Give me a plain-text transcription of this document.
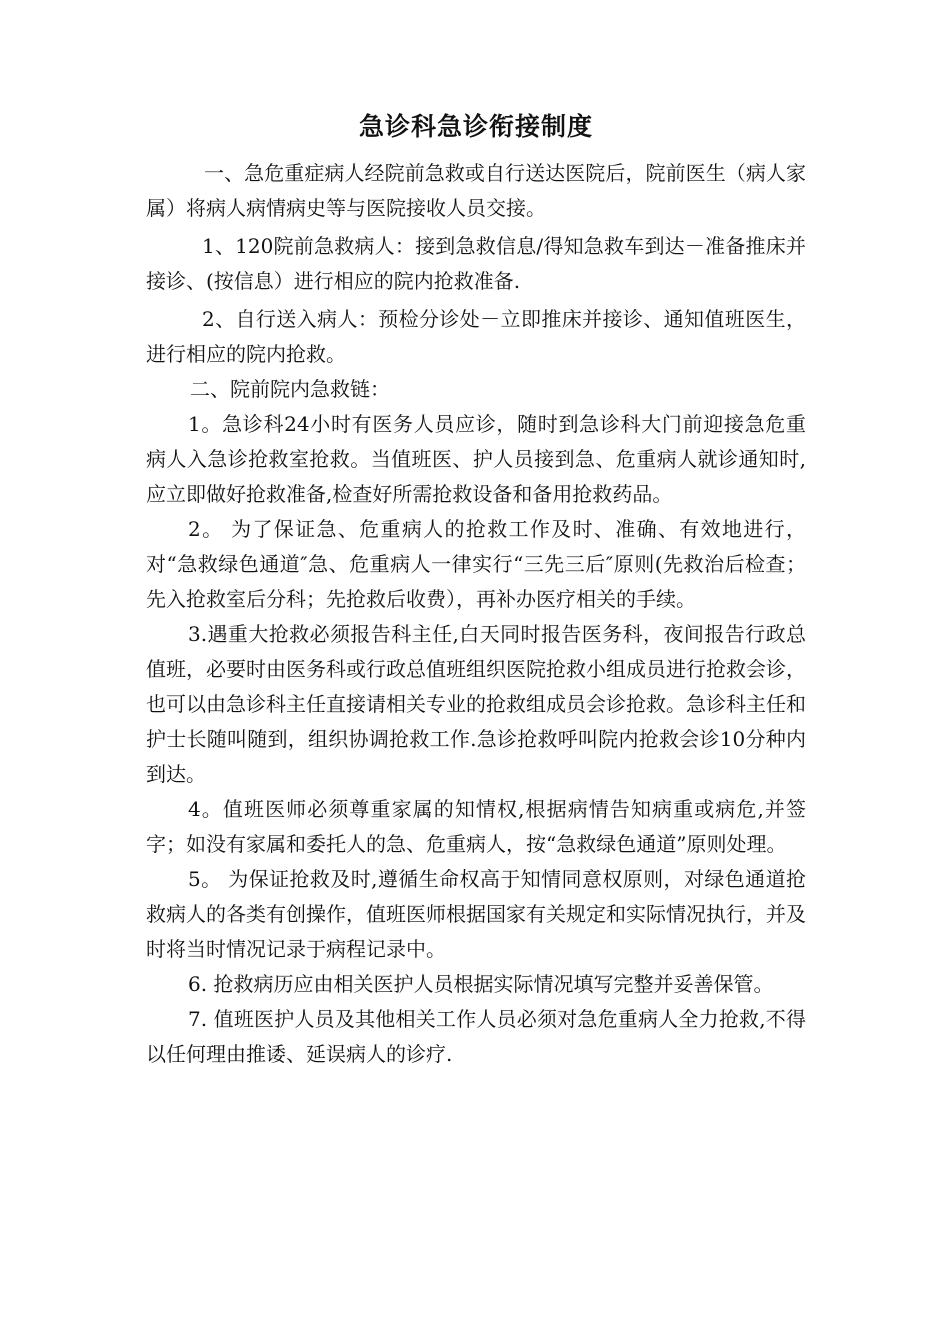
急诊科急诊衔接制度

一、急危重症病人经院前急救或自行送达医院后，院前医生（病人家属）将病人病情病史等与医院接收人员交接。

1、120院前急救病人：接到急救信息/得知急救车到达－准备推床并接诊、(按信息）进行相应的院内抢救准备.

2、自行送入病人：预检分诊处－立即推床并接诊、通知值班医生，进行相应的院内抢救。

二、院前院内急救链：

1。急诊科24小时有医务人员应诊，随时到急诊科大门前迎接急危重病人入急诊抢救室抢救。当值班医、护人员接到急、危重病人就诊通知时,应立即做好抢救准备,检查好所需抢救设备和备用抢救药品。

2。 为了保证急、危重病人的抢救工作及时、准确、有效地进行， 对“急救绿色通道″急、危重病人一律实行“三先三后″原则(先救治后检查；先入抢救室后分科；先抢救后收费），再补办医疗相关的手续。

3.遇重大抢救必须报告科主任,白天同时报告医务科，夜间报告行政总值班，必要时由医务科或行政总值班组织医院抢救小组成员进行抢救会诊，也可以由急诊科主任直接请相关专业的抢救组成员会诊抢救。急诊科主任和护士长随叫随到，组织协调抢救工作.急诊抢救呼叫院内抢救会诊10分种内到达。

4。值班医师必须尊重家属的知情权,根据病情告知病重或病危,并签字；如没有家属和委托人的急、危重病人，按“急救绿色通道”原则处理。

5。 为保证抢救及时,遵循生命权高于知情同意权原则，对绿色通道抢救病人的各类有创操作，值班医师根据国家有关规定和实际情况执行，并及时将当时情况记录于病程记录中。

6. 抢救病历应由相关医护人员根据实际情况填写完整并妥善保管。

7. 值班医护人员及其他相关工作人员必须对急危重病人全力抢救,不得以任何理由推诿、延误病人的诊疗.
